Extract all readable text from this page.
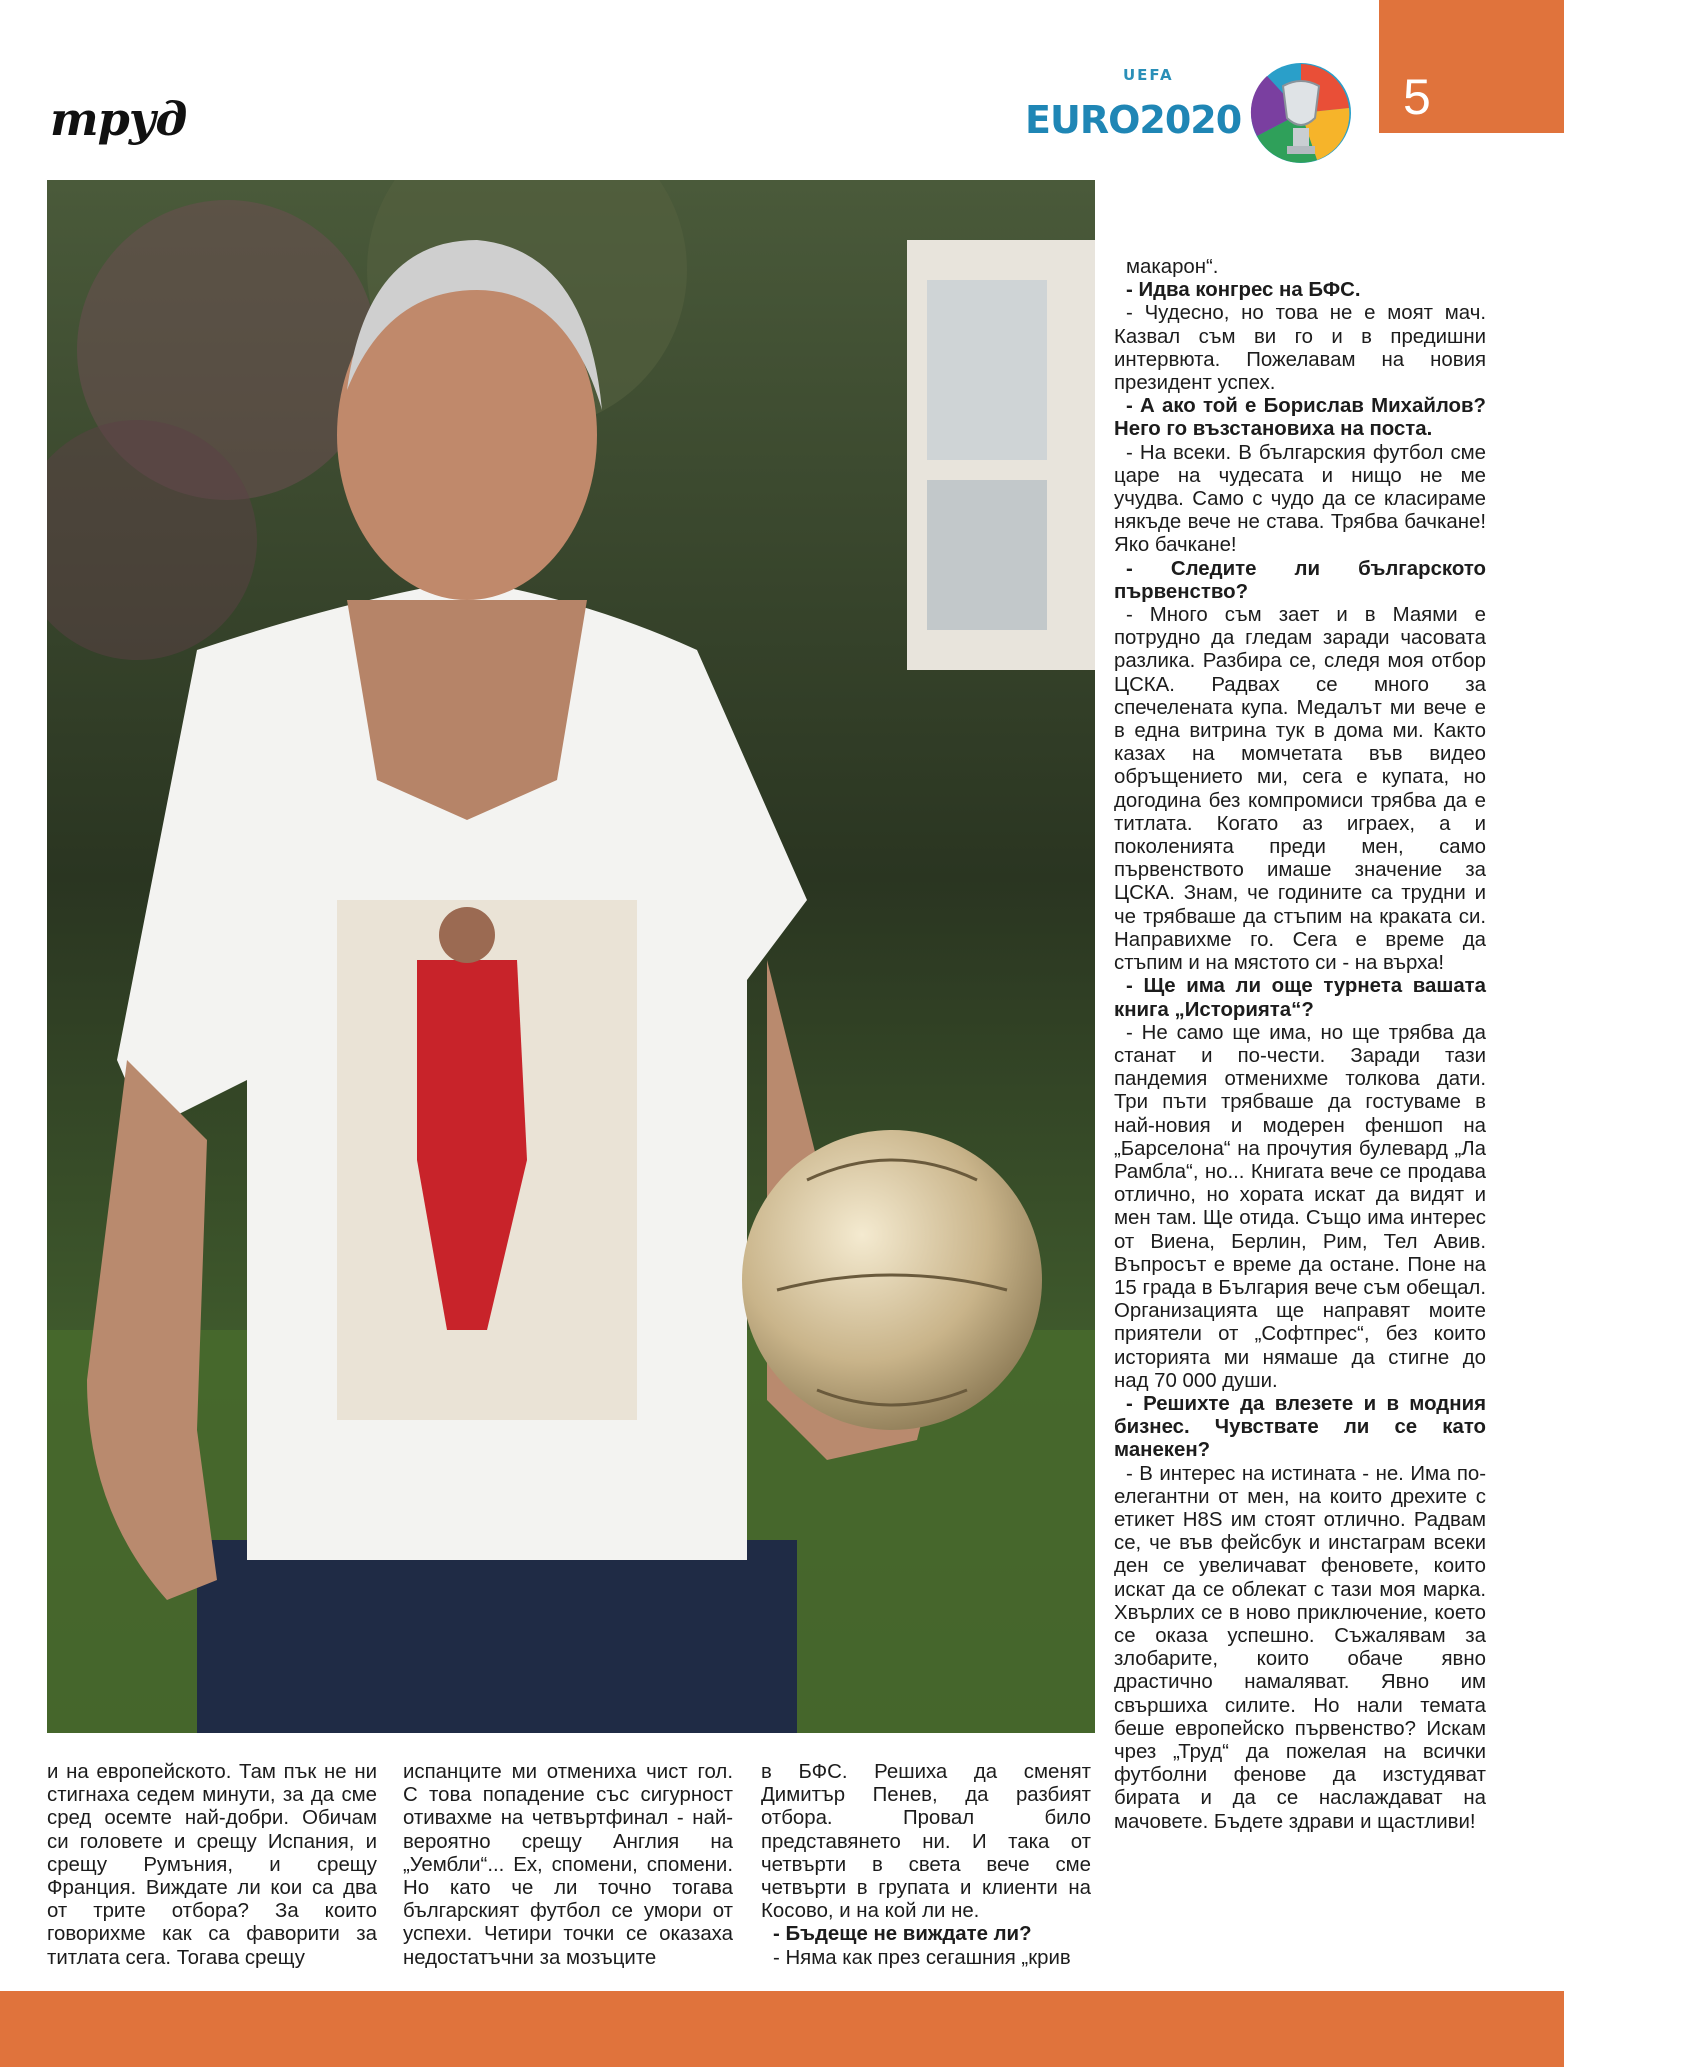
труд
UEFA
EURO2020	5

макарон“.

- Идва конгрес на БФС.

- Чудесно, но това не е моят мач. Казвал съм ви го и в предишни интервюта. Пожелавам на новия президент успех.

- А ако той е Борислав Михайлов? Него го възстановиха на поста.

- На всеки. В българския футбол сме царе на чудесата и нищо не ме учудва. Само с чудо да се класираме някъде вече не става. Трябва бачкане! Яко бачкане!

- Следите ли българското първенство?

- Много съм зает и в Маями е потрудно да гледам заради часовата разлика. Разбира се, следя моя отбор ЦСКА. Радвах се много за спечелената купа. Медалът ми вече е в една витрина тук в дома ми. Както казах на момчетата във видео обръщението ми, сега е купата, но догодина без компромиси трябва да е титлата. Когато аз играех, а и поколенията преди мен, само първенството имаше значение за ЦСКА. Знам, че годините са трудни и че трябваше да стъпим на краката си. Направихме го. Сега е време да стъпим и на мястото си - на върха!

- Ще има ли още турнета вашата книга „Историята“?

- Не само ще има, но ще трябва да станат и по-чести. Заради тази пандемия отменихме толкова дати. Три пъти трябваше да гостуваме в най-новия и модерен феншоп на „Барселона“ на прочутия булевард „Ла Рамбла“, но... Книгата вече се продава отлично, но хората искат да видят и мен там. Ще отида. Също има интерес от Виена, Берлин, Рим, Тел Авив. Въпросът е време да остане. Поне на 15 града в България вече съм обещал. Организацията ще направят моите приятели от „Софтпрес“, без които историята ми нямаше да стигне до над 70 000 души.

- Решихте да влезете и в модния бизнес. Чувствате ли се като манекен?

- В интерес на истината - не. Има по-елегантни от мен, на които дрехите с етикет H8S им стоят отлично. Радвам се, че във фейсбук и инстаграм всеки ден се увеличават феновете, които искат да се облекат с тази моя марка. Хвърлих се в ново приключение, което се оказа успешно. Съжалявам за злобарите, които обаче явно драстично намаляват. Явно им свършиха силите. Но нали темата беше европейско първенство? Искам чрез „Труд“ да пожелая на всички футболни фенове да изстудяват бирата и да се наслаждават на мачовете. Бъдете здрави и щастливи!

и на европейското. Там пък не ни стигнаха седем минути, за да сме сред осемте най-добри. Обичам си головете и срещу Испания, и срещу Румъния, и срещу Франция. Виждате ли кои са два от трите отбора? За които говорихме как са фаворити за титлата сега. Тогава срещу

испанците ми отмениха чист гол. С това попадение със сигурност отивахме на четвъртфинал - най-вероятно срещу Англия на „Уембли“... Ех, спомени, спомени. Но като че ли точно тогава българският футбол се умори от успехи. Четири точки се оказаха недостатъчни за мозъците

в БФС. Решиха да сменят Димитър Пенев, да разбият отбора. Провал било представянето ни. И така от четвърти в света вече сме четвърти в групата и клиенти на Косово, и на кой ли не.

- Бъдеще не виждате ли?

- Няма как през сегашния „крив
